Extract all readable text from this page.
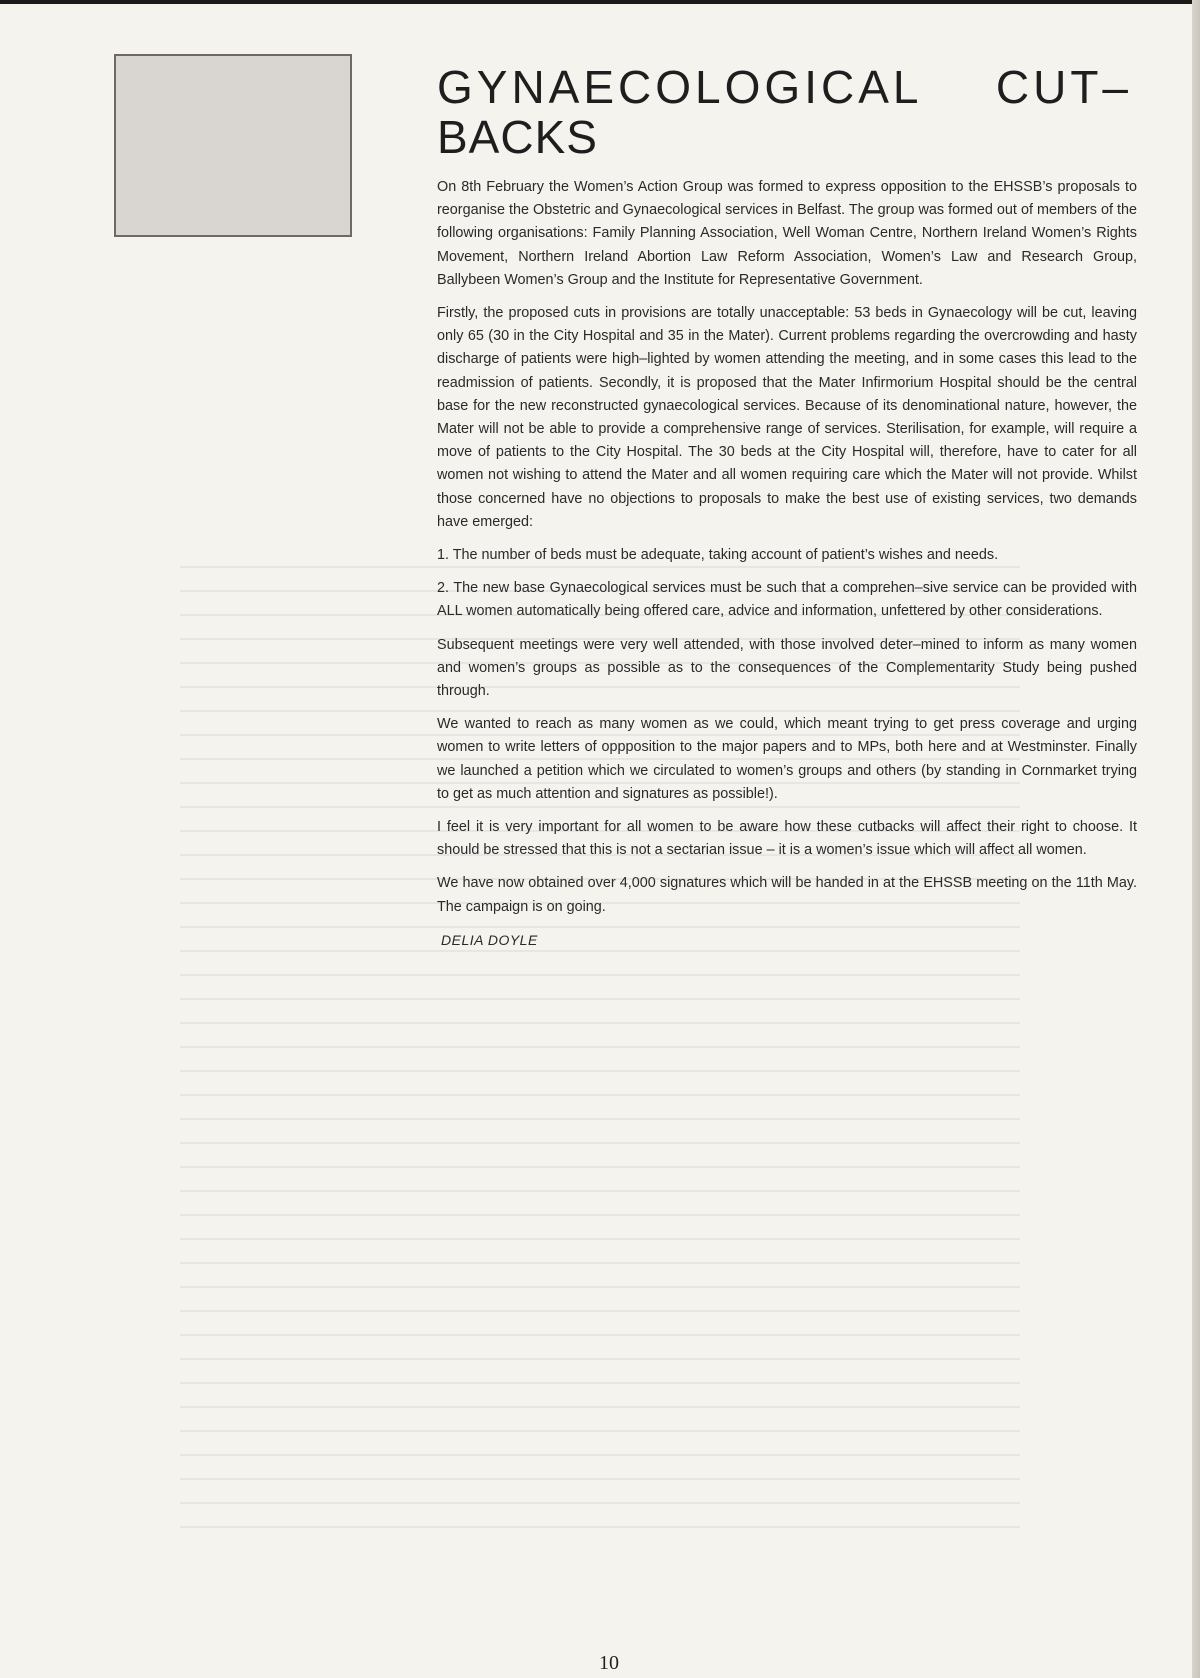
GYNAECOLOGICAL CUT–
BACKS

On 8th February the Women’s Action Group was formed to express opposition to the EHSSB’s proposals to reorganise the Obstetric and Gynaecological services in Belfast. The group was formed out of members of the following organisations: Family Planning Association, Well Woman Centre, Northern Ireland Women’s Rights Movement, Northern Ireland Abortion Law Reform Association, Women’s Law and Research Group, Ballybeen Women’s Group and the Institute for Representative Government.

Firstly, the proposed cuts in provisions are totally unacceptable: 53 beds in Gynaecology will be cut, leaving only 65 (30 in the City Hospital and 35 in the Mater). Current problems regarding the overcrowding and hasty discharge of patients were high–lighted by women attending the meeting, and in some cases this lead to the readmission of patients. Secondly, it is proposed that the Mater Infirmorium Hospital should be the central base for the new reconstructed gynaecological services. Because of its denominational nature, however, the Mater will not be able to provide a comprehensive range of services. Sterilisation, for example, will require a move of patients to the City Hospital. The 30 beds at the City Hospital will, therefore, have to cater for all women not wishing to attend the Mater and all women requiring care which the Mater will not provide. Whilst those concerned have no objections to proposals to make the best use of existing services, two demands have emerged:

1. The number of beds must be adequate, taking account of patient’s wishes and needs.

2. The new base Gynaecological services must be such that a comprehen–sive service can be provided with ALL women automatically being offered care, advice and information, unfettered by other considerations.

Subsequent meetings were very well attended, with those involved deter–mined to inform as many women and women’s groups as possible as to the consequences of the Complementarity Study being pushed through.

We wanted to reach as many women as we could, which meant trying to get press coverage and urging women to write letters of oppposition to the major papers and to MPs, both here and at Westminster. Finally we launched a petition which we circulated to women’s groups and others (by standing in Cornmarket trying to get as much attention and signatures as possible!).

I feel it is very important for all women to be aware how these cutbacks will affect their right to choose. It should be stressed that this is not a sectarian issue – it is a women’s issue which will affect all women.

We have now obtained over 4,000 signatures which will be handed in at the EHSSB meeting on the 11th May. The campaign is on going.

DELIA DOYLE

10
